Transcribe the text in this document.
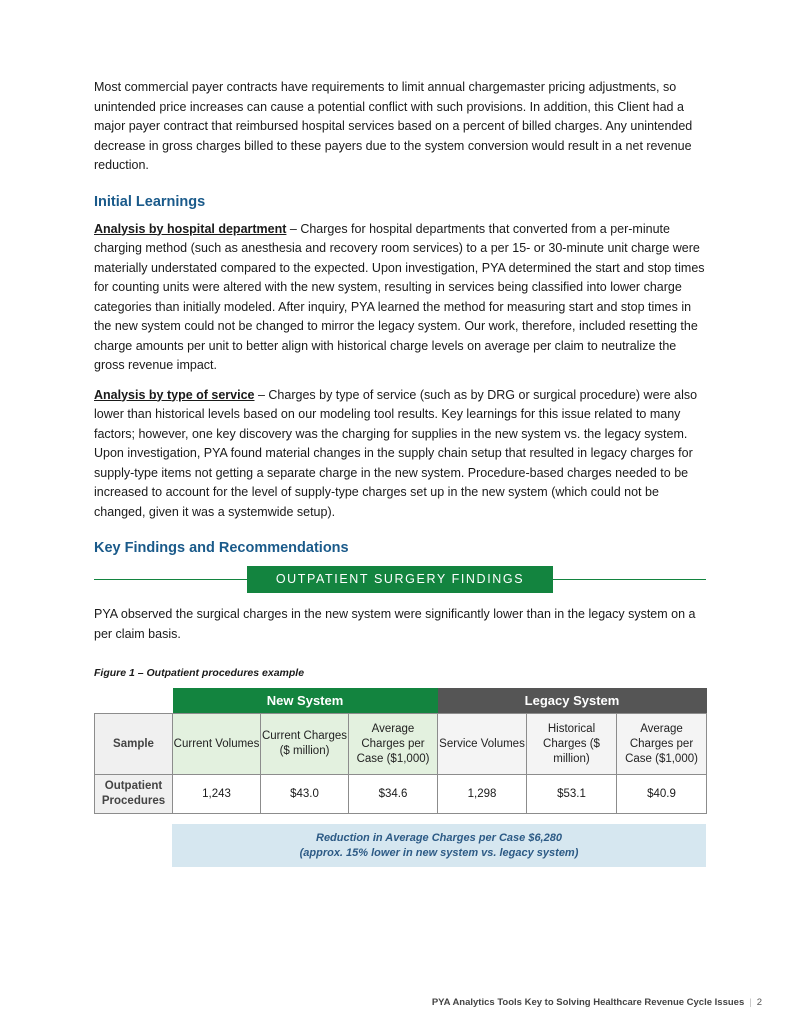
Most commercial payer contracts have requirements to limit annual chargemaster pricing adjustments, so unintended price increases can cause a potential conflict with such provisions. In addition, this Client had a major payer contract that reimbursed hospital services based on a percent of billed charges. Any unintended decrease in gross charges billed to these payers due to the system conversion would result in a net revenue reduction.

Initial Learnings

Analysis by hospital department – Charges for hospital departments that converted from a per-minute charging method (such as anesthesia and recovery room services) to a per 15- or 30-minute unit charge were materially understated compared to the expected. Upon investigation, PYA determined the start and stop times for counting units were altered with the new system, resulting in services being classified into lower charge categories than initially modeled. After inquiry, PYA learned the method for measuring start and stop times in the new system could not be changed to mirror the legacy system. Our work, therefore, included resetting the charge amounts per unit to better align with historical charge levels on average per claim to neutralize the gross revenue impact.

Analysis by type of service – Charges by type of service (such as by DRG or surgical procedure) were also lower than historical levels based on our modeling tool results. Key learnings for this issue related to many factors; however, one key discovery was the charging for supplies in the new system vs. the legacy system. Upon investigation, PYA found material changes in the supply chain setup that resulted in legacy charges for supply-type items not getting a separate charge in the new system. Procedure-based charges needed to be increased to account for the level of supply-type charges set up in the new system (which could not be changed, given it was a systemwide setup).

Key Findings and Recommendations
OUTPATIENT SURGERY FINDINGS

PYA observed the surgical charges in the new system were significantly lower than in the legacy system on a per claim basis.

Figure 1 – Outpatient procedures example

	New System			Legacy System		
Sample	Current Volumes	Current Charges ($ million)	Average Charges per Case ($1,000)	Service Volumes	Historical Charges ($ million)	Average Charges per Case ($1,000)
Outpatient Procedures	1,243	$43.0	$34.6	1,298	$53.1	$40.9
Reduction in Average Charges per Case $6,280
(approx. 15% lower in new system vs. legacy system)
PYA Analytics Tools Key to Solving Healthcare Revenue Cycle Issues | 2
